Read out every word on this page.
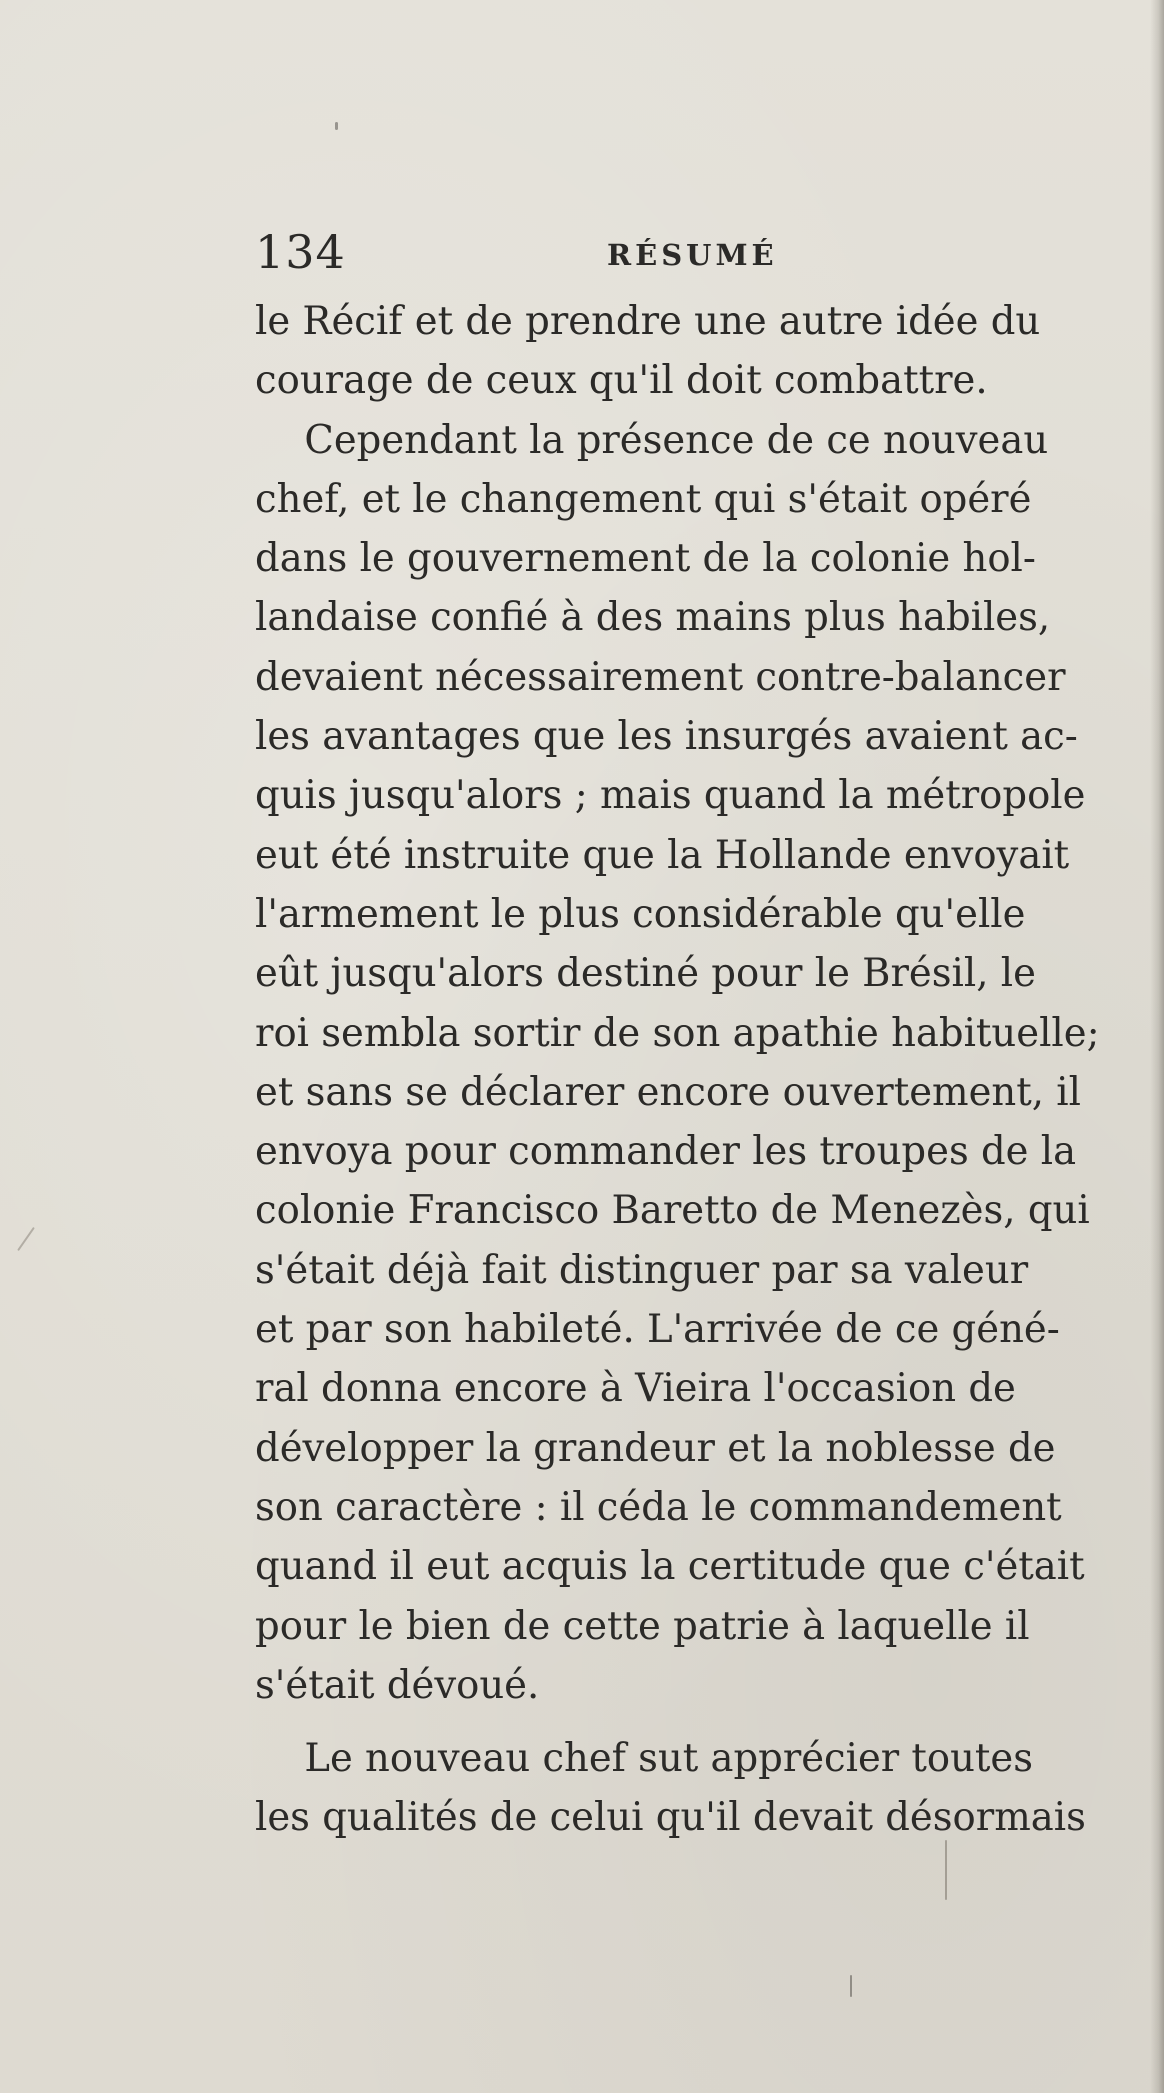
134	RÉSUMÉ
le Récif et de prendre une autre idée du
courage de ceux qu'il doit combattre.
Cependant la présence de ce nouveau
chef, et le changement qui s'était opéré
dans le gouvernement de la colonie hol-
landaise confié à des mains plus habiles,
devaient nécessairement contre-balancer
les avantages que les insurgés avaient ac-
quis jusqu'alors ; mais quand la métropole
eut été instruite que la Hollande envoyait
l'armement le plus considérable qu'elle
eût jusqu'alors destiné pour le Brésil, le
roi sembla sortir de son apathie habituelle;
et sans se déclarer encore ouvertement, il
envoya pour commander les troupes de la
colonie Francisco Baretto de Menezès, qui
s'était déjà fait distinguer par sa valeur
et par son habileté. L'arrivée de ce géné-
ral donna encore à Vieira l'occasion de
développer la grandeur et la noblesse de
son caractère : il céda le commandement
quand il eut acquis la certitude que c'était
pour le bien de cette patrie à laquelle il
s'était dévoué.
Le nouveau chef sut apprécier toutes
les qualités de celui qu'il devait désormais
